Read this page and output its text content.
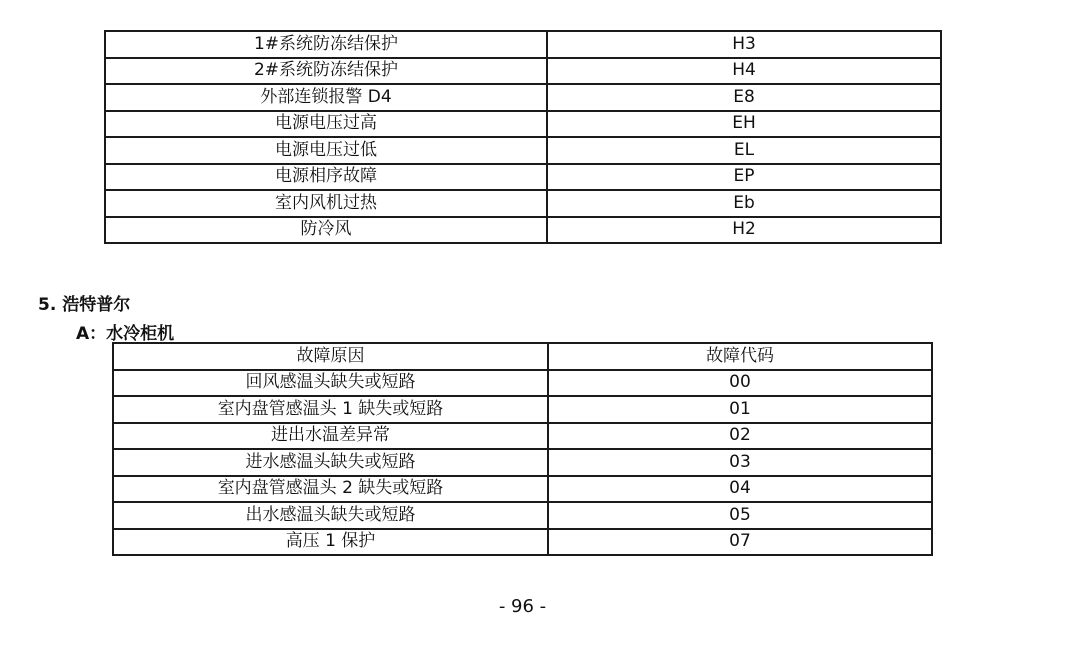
1#系统防冻结保护	H3
2#系统防冻结保护	H4
外部连锁报警 D4	E8
电源电压过高	EH
电源电压过低	EL
电源相序故障	EP
室内风机过热	Eb
防冷风	H2
5. 浩特普尔
A：水冷柜机
故障原因	故障代码
回风感温头缺失或短路	00
室内盘管感温头 1 缺失或短路	01
进出水温差异常	02
进水感温头缺失或短路	03
室内盘管感温头 2 缺失或短路	04
出水感温头缺失或短路	05
高压 1 保护	07
- 96 -
